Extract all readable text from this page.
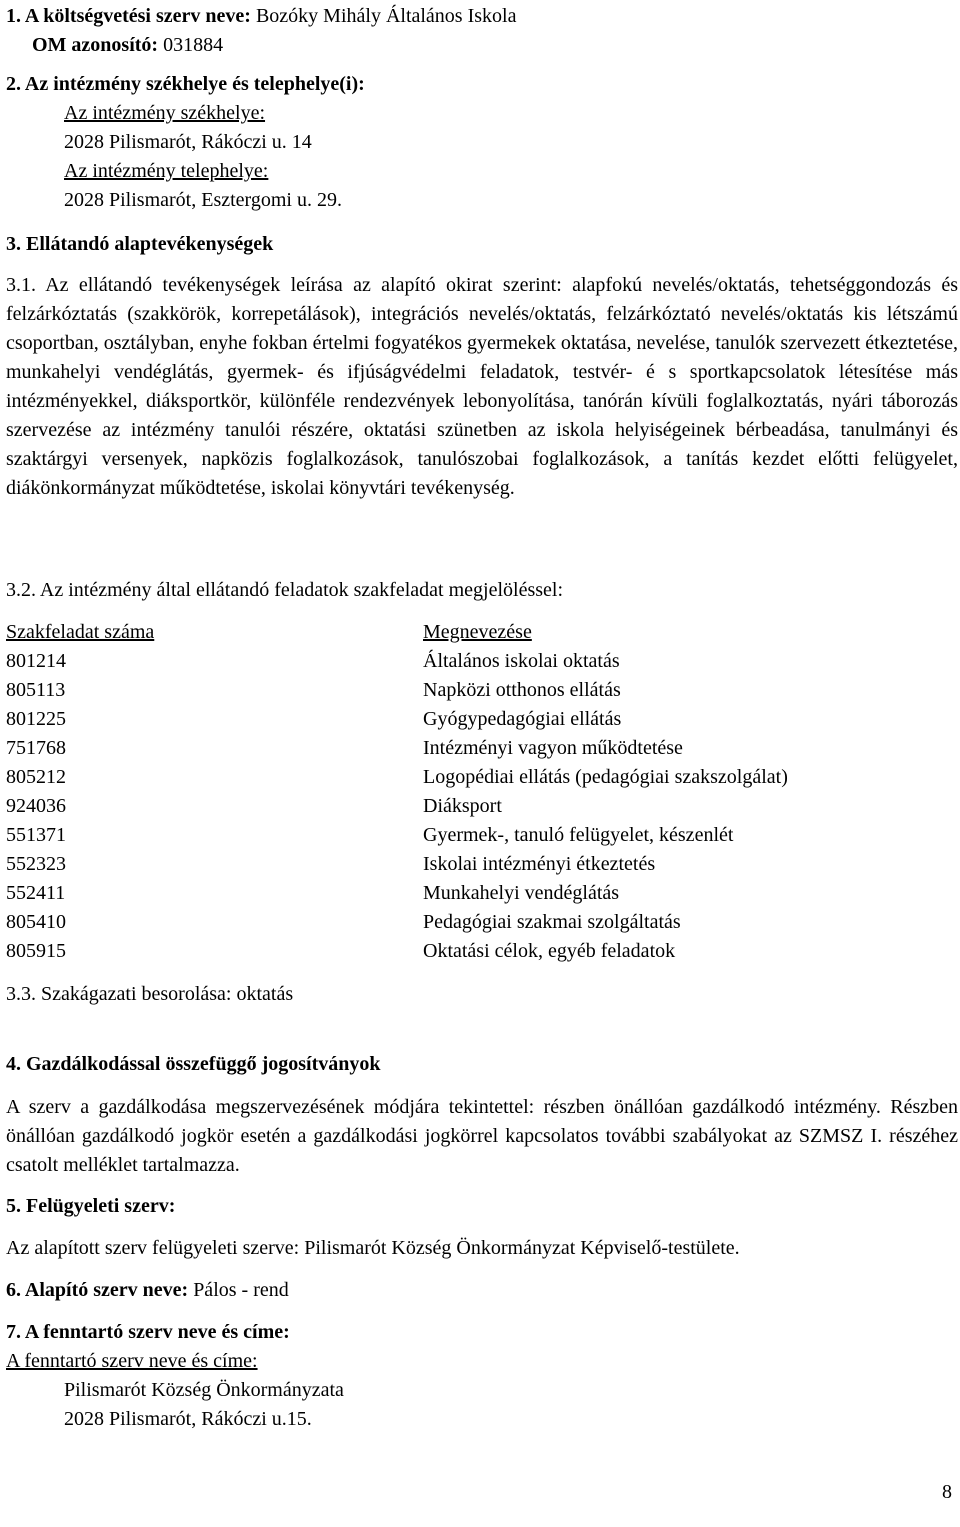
1. A költségvetési szerv neve: Bozóky Mihály Általános Iskola
OM azonosító: 031884
2. Az intézmény székhelye és telephelye(i):
Az intézmény székhelye:
2028 Pilismarót, Rákóczi u. 14
Az intézmény telephelye:
2028 Pilismarót, Esztergomi u. 29.
3. Ellátandó alaptevékenységek
3.1. Az ellátandó tevékenységek leírása az alapító okirat szerint: alapfokú nevelés/oktatás, tehetséggondozás és felzárkóztatás (szakkörök, korrepetálások), integrációs nevelés/oktatás, felzárkóztató nevelés/oktatás kis létszámú csoportban, osztályban, enyhe fokban értelmi fogyatékos gyermekek oktatása, nevelése, tanulók szervezett étkeztetése, munkahelyi vendéglátás, gyermek- és ifjúságvédelmi feladatok, testvér- é s sportkapcsolatok létesítése más intézményekkel, diáksportkör, különféle rendezvények lebonyolítása, tanórán kívüli foglalkoztatás, nyári táborozás szervezése az intézmény tanulói részére, oktatási szünetben az iskola helyiségeinek bérbeadása, tanulmányi és szaktárgyi versenyek, napközis foglalkozások, tanulószobai foglalkozások, a tanítás kezdet előtti felügyelet, diákönkormányzat működtetése, iskolai könyvtári tevékenység.
3.2. Az intézmény által ellátandó feladatok szakfeladat megjelöléssel:
Szakfeladat száma	Megnevezése
801214	Általános iskolai oktatás
805113	Napközi otthonos ellátás
801225	Gyógypedagógiai ellátás
751768	Intézményi vagyon működtetése
805212	Logopédiai ellátás (pedagógiai szakszolgálat)
924036	Diáksport
551371	Gyermek-, tanuló felügyelet, készenlét
552323	Iskolai intézményi étkeztetés
552411	Munkahelyi vendéglátás
805410	Pedagógiai szakmai szolgáltatás
805915	Oktatási célok, egyéb feladatok
3.3. Szakágazati besorolása: oktatás
4. Gazdálkodással összefüggő jogosítványok
A szerv a gazdálkodása megszervezésének módjára tekintettel: részben önállóan gazdálkodó intézmény. Részben önállóan gazdálkodó jogkör esetén a gazdálkodási jogkörrel kapcsolatos további szabályokat az SZMSZ I. részéhez csatolt melléklet tartalmazza.
5. Felügyeleti szerv:
Az alapított szerv felügyeleti szerve: Pilismarót Község Önkormányzat Képviselő-testülete.
6. Alapító szerv neve: Pálos - rend
7. A fenntartó szerv neve és címe:
A fenntartó szerv neve és címe:
Pilismarót Község Önkormányzata
2028 Pilismarót, Rákóczi u.15.
8
